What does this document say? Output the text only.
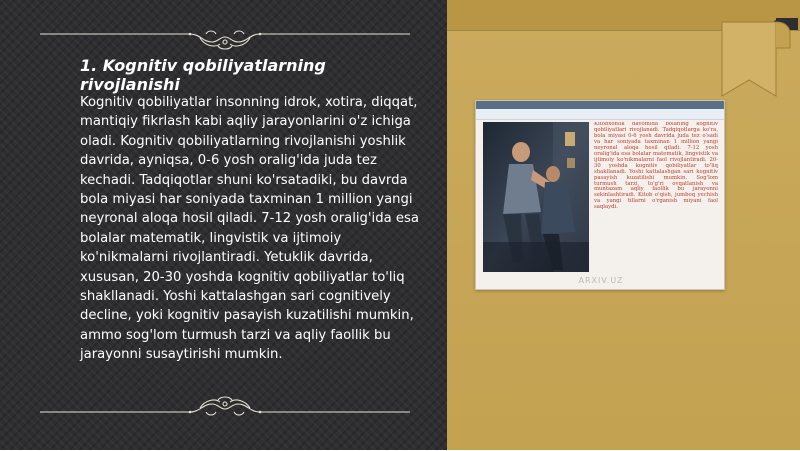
1. Kognitiv qobiliyatlarning rivojlanishi

Kognitiv qobiliyatlar insonning idrok, xotira, diqqat, mantiqiy fikrlash kabi aqliy jarayonlarini o'z ichiga oladi. Kognitiv qobiliyatlarning rivojlanishi yoshlik davrida, ayniqsa, 0-6 yosh oralig'ida juda tez kechadi. Tadqiqotlar shuni ko'rsatadiki, bu davrda bola miyasi har soniyada taxminan 1 million yangi neyronal aloqa hosil qiladi. 7-12 yosh oralig'ida esa bolalar matematik, lingvistik va ijtimoiy ko'nikmalarni rivojlantiradi. Yetuklik davrida, xususan, 20-30 yoshda kognitiv qobiliyatlar to'liq shakllanadi. Yoshi kattalashgan sari cognitively decline, yoki kognitiv pasayish kuzatilishi mumkin, ammo sog'lom turmush tarzi va aqliy faollik bu jarayonni susaytirishi mumkin.

Kitobxonlik davomida bolaning kognitiv qobiliyatlari rivojlanadi. Tadqiqotlarga ko'ra, bola miyasi 0-6 yosh davrida juda tez o'sadi va har soniyada taxminan 1 million yangi neyronal aloqa hosil qiladi. 7-12 yosh oralig'ida esa bolalar matematik, lingvistik va ijtimoiy ko'nikmalarni faol rivojlantiradi. 20-30 yoshda kognitiv qobiliyatlar to'liq shakllanadi. Yoshi kattalashgan sari kognitiv pasayish kuzatilishi mumkin. Sog'lom turmush tarzi, to'g'ri ovqatlanish va muntazam aqliy faollik bu jarayonni sekinlashtiradi. Kitob o'qish, jumboq yechish va yangi tillarni o'rganish miyani faol saqlaydi.

ARXIV.UZ
